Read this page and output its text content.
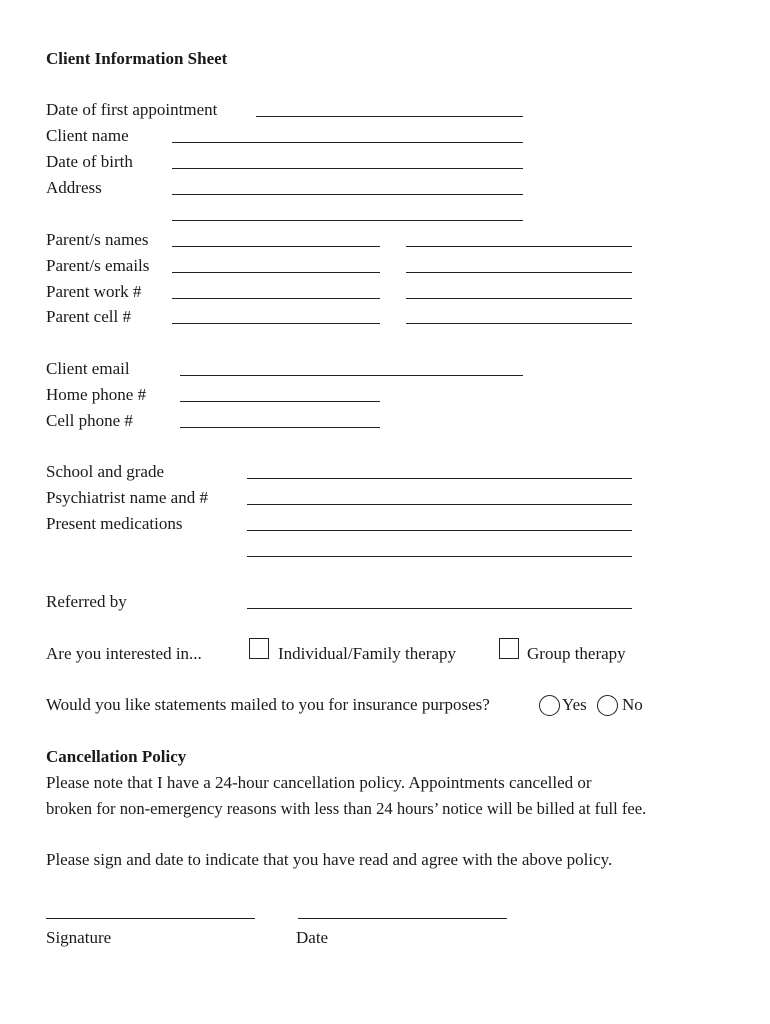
Client Information Sheet
Date of first appointment
Client name
Date of birth
Address
Parent/s names
Parent/s emails
Parent work #
Parent cell #
Client email
Home phone #
Cell phone #
School and grade
Psychiatrist name and #
Present medications
Referred by
Are you interested in...	Individual/Family therapy	Group therapy
Would you like statements mailed to you for insurance purposes?	Yes No
Cancellation Policy
Please note that I have a 24-hour cancellation policy. Appointments cancelled or
broken for non-emergency reasons with less than 24 hours’ notice will be billed at full fee.
Please sign and date to indicate that you have read and agree with the above policy.
Signature	Date
